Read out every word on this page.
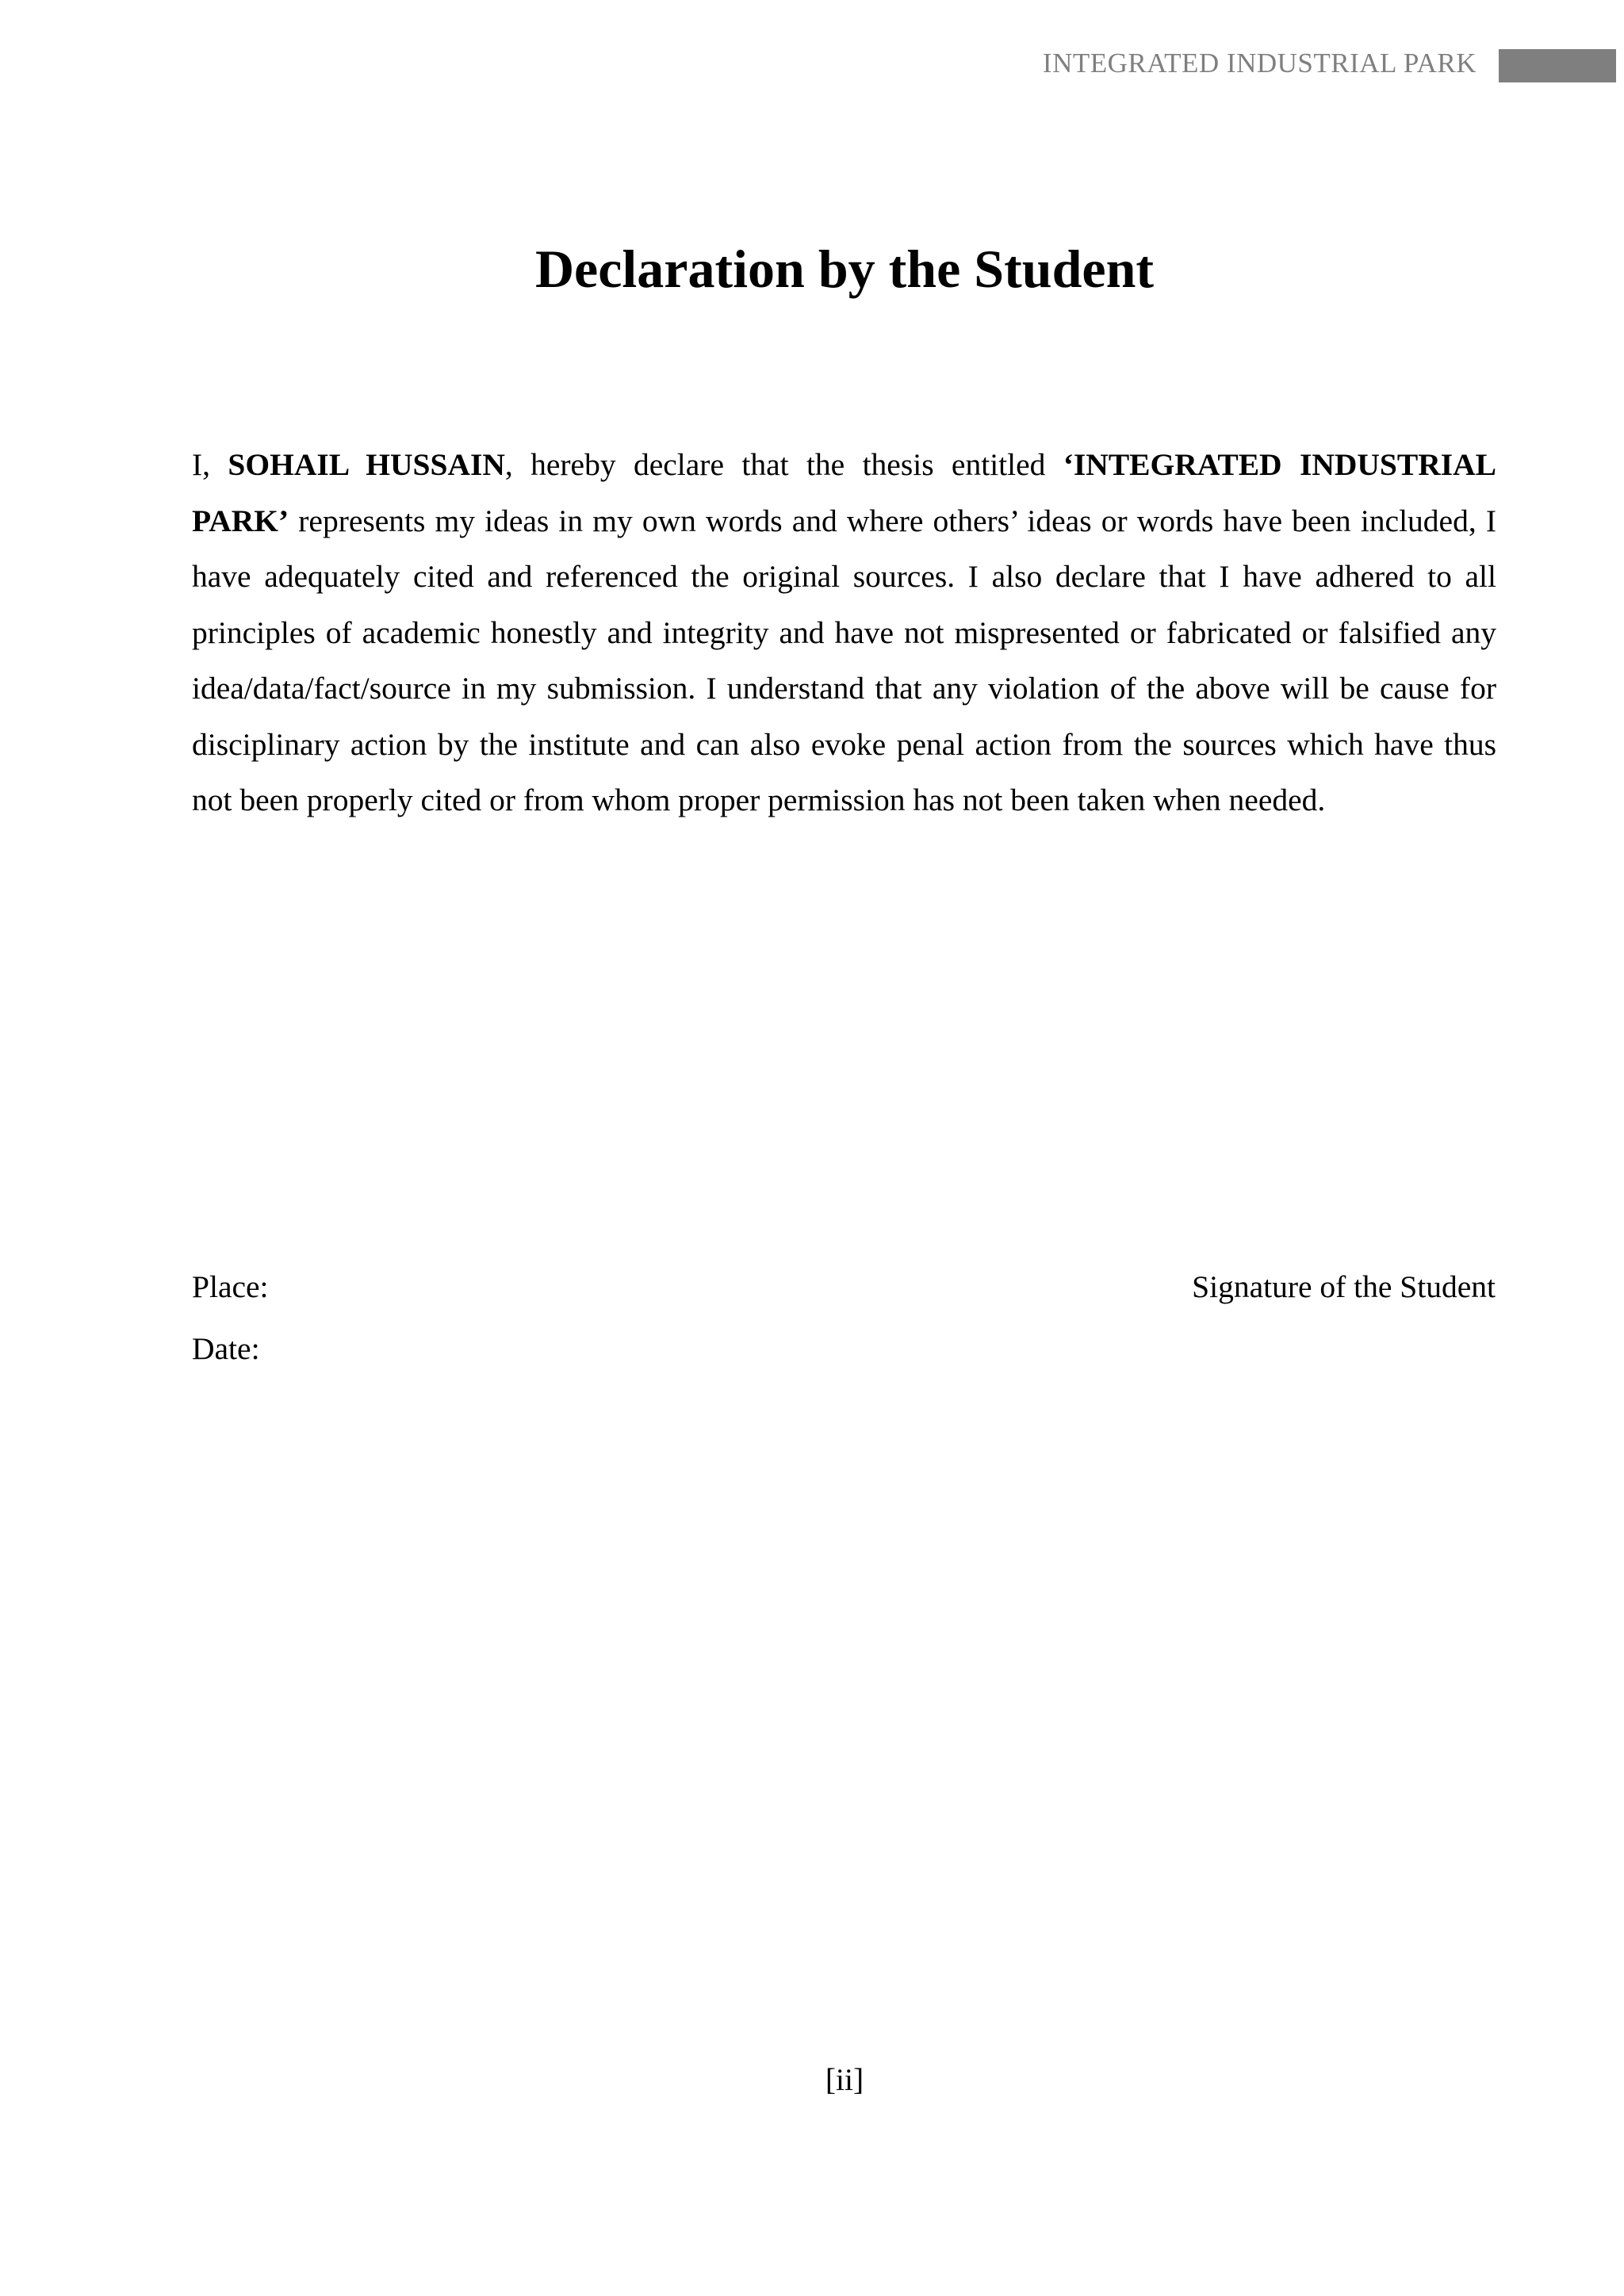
INTEGRATED INDUSTRIAL PARK
Declaration by the Student

I, SOHAIL HUSSAIN, hereby declare that the thesis entitled ‘INTEGRATED INDUSTRIAL PARK’ represents my ideas in my own words and where others’ ideas or words have been included, I have adequately cited and referenced the original sources. I also declare that I have adhered to all principles of academic honestly and integrity and have not mispresented or fabricated or falsified any idea/data/fact/source in my submission. I understand that any violation of the above will be cause for disciplinary action by the institute and can also evoke penal action from the sources which have thus not been properly cited or from whom proper permission has not been taken when needed.

Place:
Date:
Signature of the Student
[ii]
